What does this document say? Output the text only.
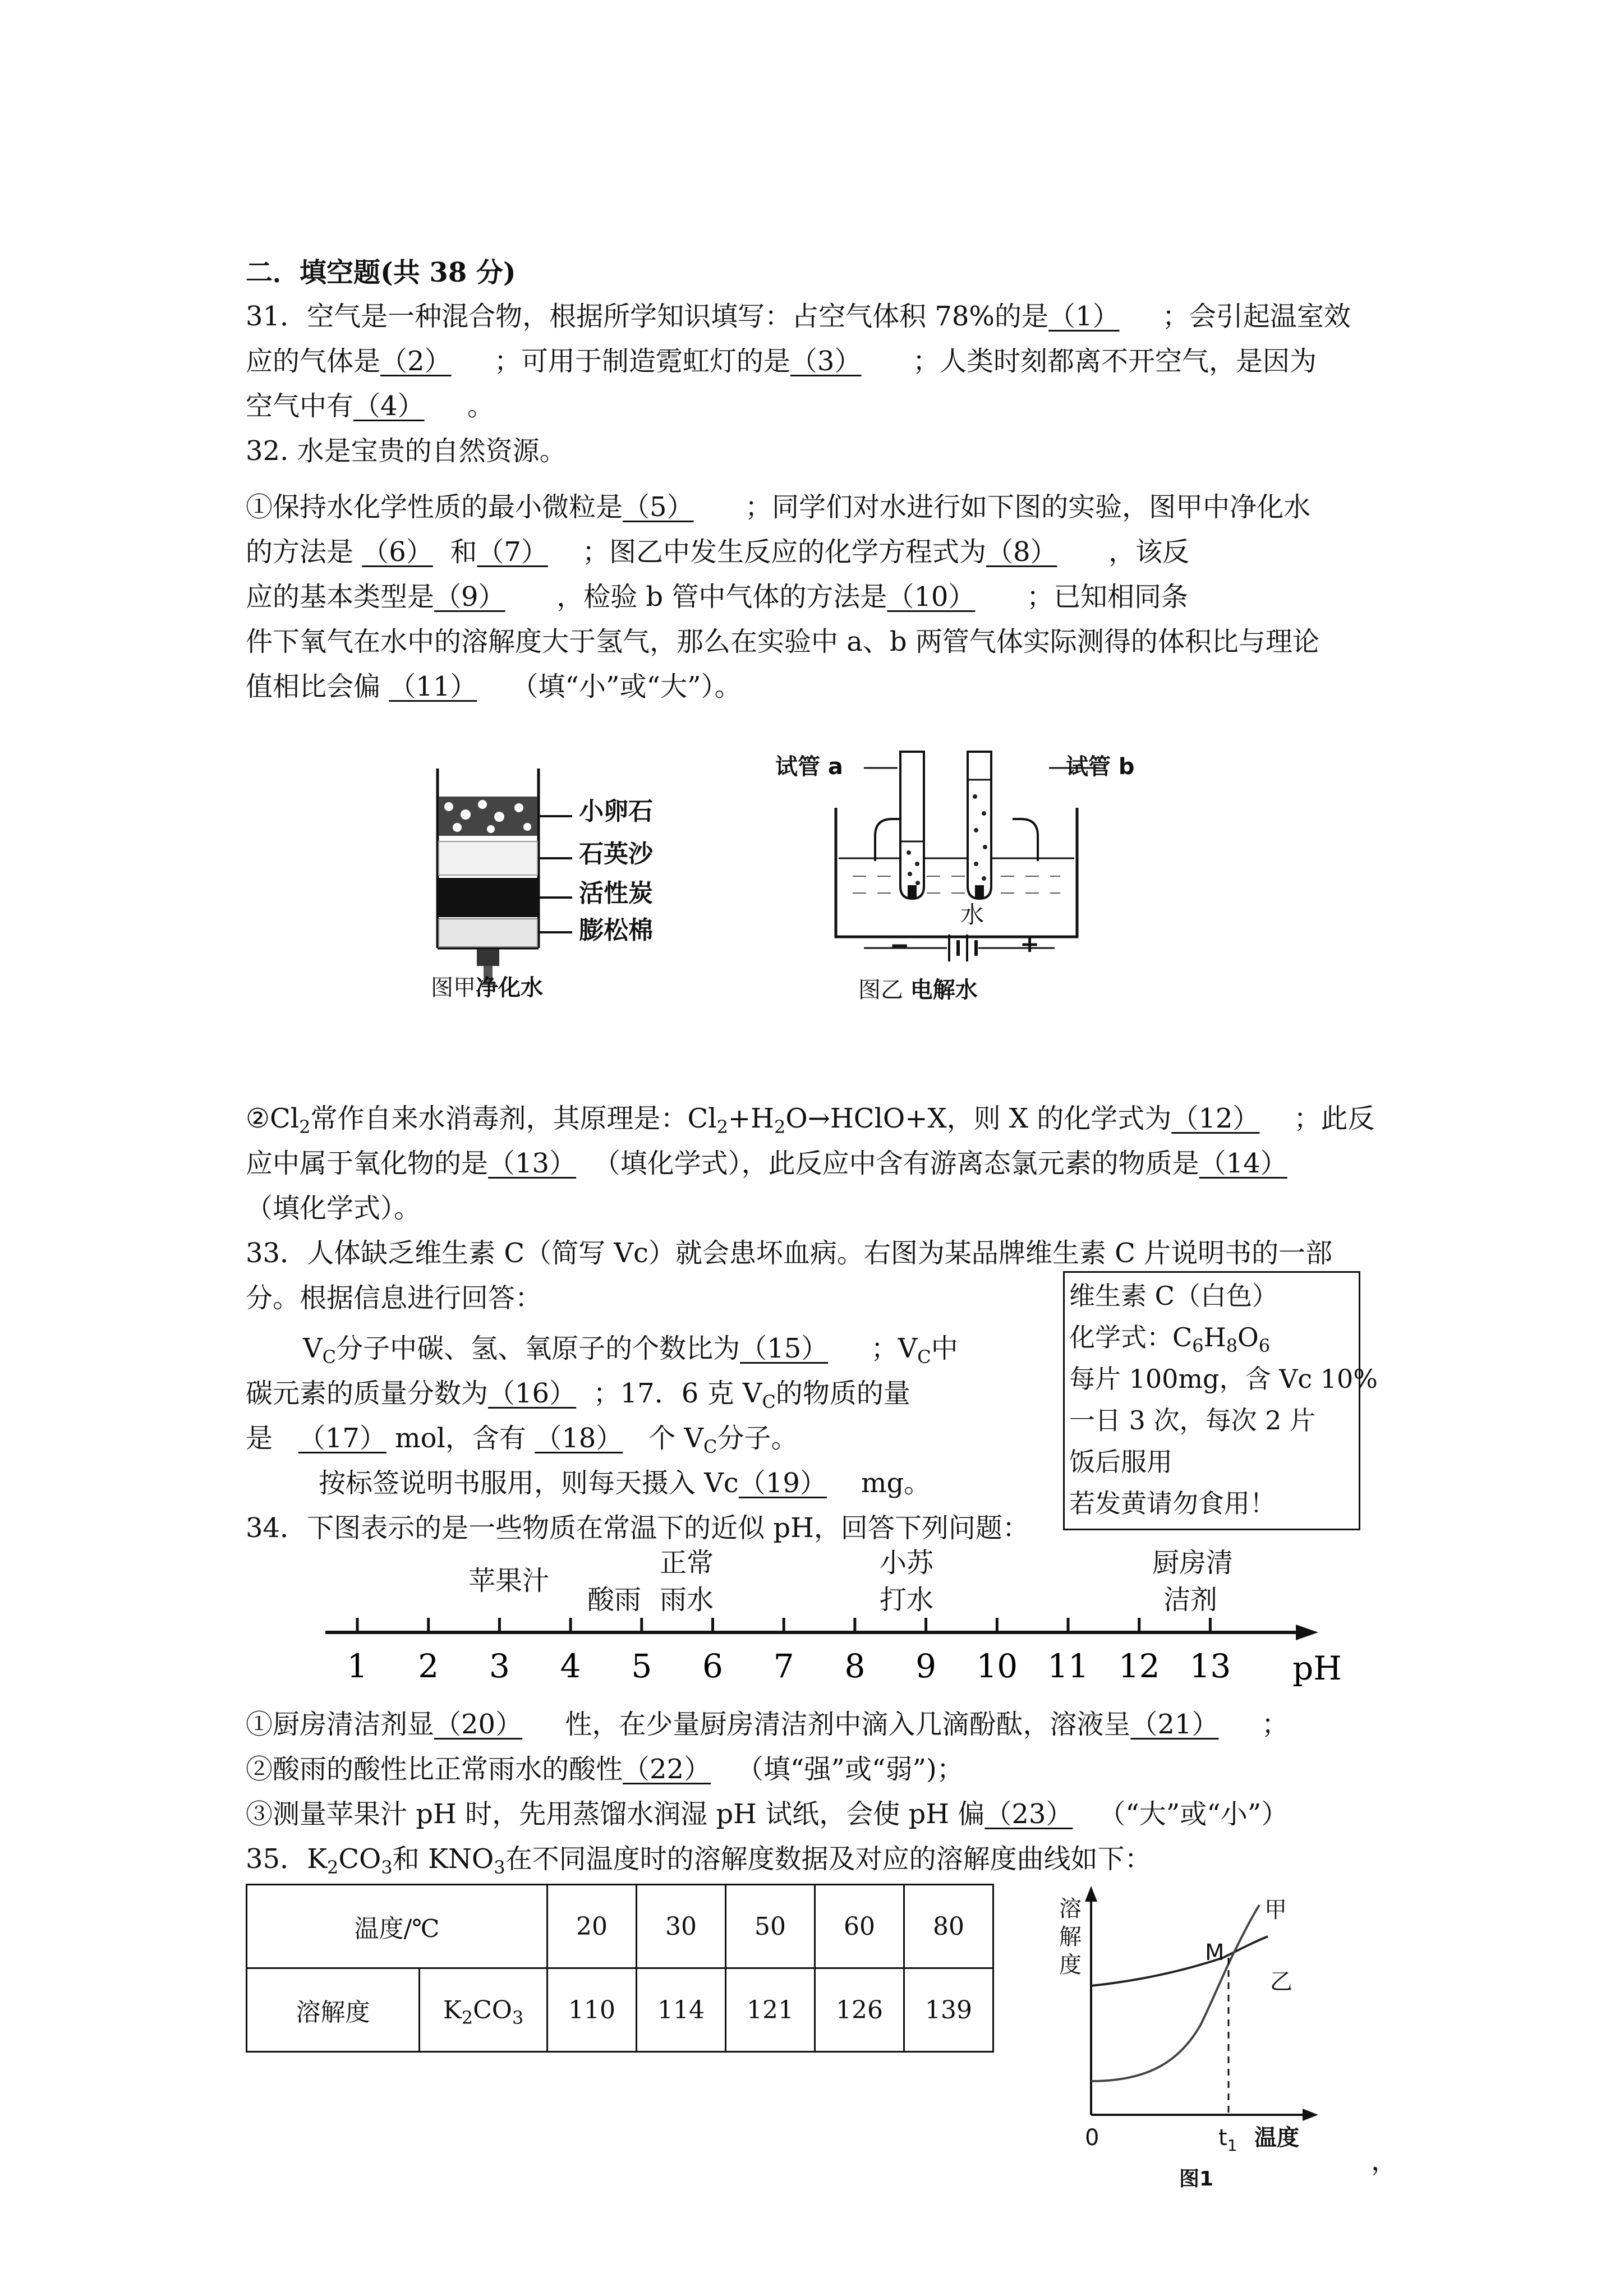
二．填空题(共 38 分)
31．空气是一种混合物，根据所学知识填写：占空气体积 78%的是（1） ；会引起温室效
应的气体是（2） ；可用于制造霓虹灯的是（3） ；人类时刻都离不开空气，是因为
空气中有（4） 。
32. 水是宝贵的自然资源。
①保持水化学性质的最小微粒是（5） ；同学们对水进行如下图的实验，图甲中净化水
的方法是 （6） 和（7） ；图乙中发生反应的化学方程式为（8） ，该反
应的基本类型是（9） ，检验 b 管中气体的方法是（10） ；已知相同条
件下氧气在水中的溶解度大于氢气，那么在实验中 a、b 两管气体实际测得的体积比与理论
值相比会偏 （11） （填“小”或“大”）。
小卵石
石英沙
活性炭
膨松棉
图甲净化水
试管 a	试管 b
水
−	+
图乙 电解水
$②Cl_2$常作自来水消毒剂，其原理是：$Cl_2+H_2O\to HClO+X$，则 X 的化学式为（12） ；此反
应中属于氧化物的是（13） （填化学式），此反应中含有游离态氯元素的物质是（14）
（填化学式）。
33．人体缺乏维生素 C（简写 Vc）就会患坏血病。右图为某品牌维生素 C 片说明书的一部
分。根据信息进行回答：
$V_C$分子中碳、氢、氧原子的个数比为（15） ；$V_C$中
碳元素的质量分数为（16） ；17．6 克 $V_C$的物质的量
是 （17） mol，含有 （18） 个 $V_C$分子。
按标签说明书服用，则每天摄入 Vc（19） mg。
维生素 C（白色）
化学式：$C_6H_8O_6$
每片 100mg，含 Vc 10%
一日 3 次，每次 2 片
饭后服用
若发黄请勿食用！
34．下图表示的是一些物质在常温下的近似 pH，回答下列问题：
1 2 3 4 5 6 7 8 9 10 11 12 13 pH
苹果汁
酸雨
正常
雨水
小苏
打水
厨房清
洁剂
①厨房清洁剂显（20） 性，在少量厨房清洁剂中滴入几滴酚酞，溶液呈（21） ；
②酸雨的酸性比正常雨水的酸性（22） （填“强”或“弱”)；
③测量苹果汁 pH 时，先用蒸馏水润湿 pH 试纸，会使 pH 偏（23） （“大”或“小”）
35．$K_2CO_3$和 $KNO_3$在不同温度时的溶解度数据及对应的溶解度曲线如下：
温度/℃		20	30	50	60	80
溶解度	$K_2CO_3$	110	114	121	126	139
溶
解
度	M
甲
乙
0	$t_1$ 温度
图1
，
